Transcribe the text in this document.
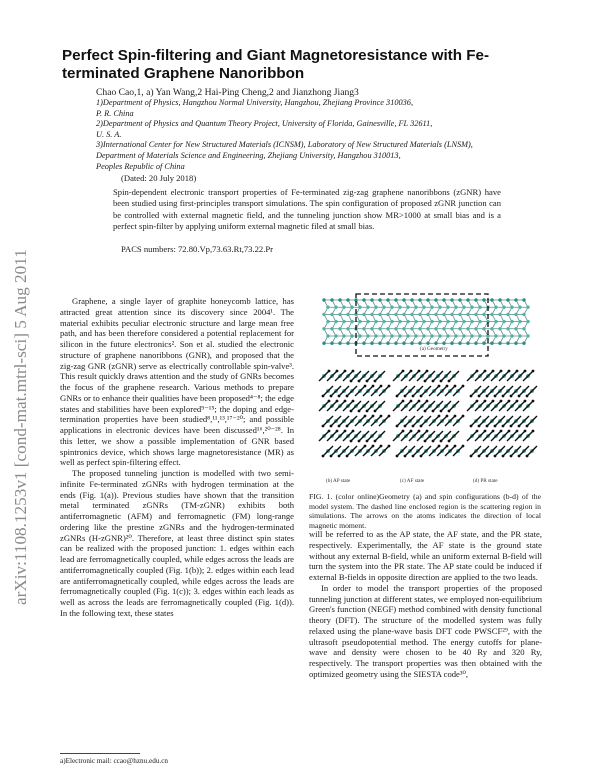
arXiv:1108.1253v1 [cond-mat.mtrl-sci] 5 Aug 2011
Perfect Spin-filtering and Giant Magnetoresistance with Fe-terminated Graphene Nanoribbon
Chao Cao,1, a) Yan Wang,2 Hai-Ping Cheng,2 and Jianzhong Jiang3
1)Department of Physics, Hangzhou Normal University, Hangzhou, Zhejiang Province 310036,
P. R. China
2)Department of Physics and Quantum Theory Project, University of Florida, Gainesville, FL 32611,
U. S. A.
3)International Center for New Structured Materials (ICNSM), Laboratory of New Structured Materials (LNSM),
Department of Materials Science and Engineering, Zhejiang University, Hangzhou 310013,
Peoples Republic of China
(Dated: 20 July 2018)
Spin-dependent electronic transport properties of Fe-terminated zig-zag graphene nanoribbons (zGNR) have been studied using first-principles transport simulations. The spin configuration of proposed zGNR junction can be controlled with external magnetic field, and the tunneling junction show MR>1000 at small bias and is a perfect spin-filter by applying uniform external magnetic filed at small bias.
PACS numbers: 72.80.Vp,73.63.Rt,73.22.Pr

Graphene, a single layer of graphite honeycomb lattice, has attracted great attention since its discovery since 2004¹. The material exhibits peculiar electronic structure and large mean free path, and has been therefore considered a potential replacement for silicon in the future electronics². Son et al. studied the electronic structure of graphene nanoribbons (GNR), and proposed that the zig-zag GNR (zGNR) serve as electrically controllable spin-valve³. This result quickly draws attention and the study of GNRs becomes the focus of the graphene research. Various methods to prepare GNRs or to enhance their qualities have been proposed⁴⁻⁸; the edge states and stabilities have been explored⁹⁻¹⁵; the doping and edge-termination properties have been studied⁸,¹¹,¹³,¹⁷⁻²⁰; and possible applications in electronic devices have been discussed¹⁶,²⁰⁻²⁸. In this letter, we show a possible implementation of GNR based spintronics device, which shows large magnetoresistance (MR) as well as perfect spin-filtering effect.

The proposed tunneling junction is modelled with two semi-infinite Fe-terminated zGNRs with hydrogen termination at the ends (Fig. 1(a)). Previous studies have shown that the transition metal terminated zGNRs (TM-zGNR) exhibits both antiferromagnetic (AFM) and ferromagnetic (FM) long-range ordering like the prestine zGNRs and the hydrogen-terminated zGNRs (H-zGNR)²⁰. Therefore, at least three distinct spin states can be realized with the proposed junction: 1. edges within each lead are ferromagnetically coupled, while edges across the leads are antiferromagnetically coupled (Fig. 1(b)); 2. edges within each lead are antiferromagnetically coupled, while edges across the leads are ferromagnetically coupled (Fig. 1(c)); 3. edges within each leads as well as across the leads are ferromagnetically coupled (Fig. 1(d)). In the following text, these states

(a) Geometry
(b) AP state	(c) AF state	(d) PR state
FIG. 1. (color online)Geometry (a) and spin configurations (b-d) of the model system. The dashed line enclosed region is the scattering region in simulations. The arrows on the atoms indicates the direction of local magnetic moment.

will be referred to as the AP state, the AF state, and the PR state, respectively. Experimentally, the AF state is the ground state without any external B-field, while an uniform external B-field will turn the system into the PR state. The AP state could be induced if external B-fields in opposite direction are applied to the two leads.

In order to model the transport properties of the proposed tunneling junction at different states, we employed non-equilibrium Green's function (NEGF) method combined with density functional theory (DFT). The structure of the modelled system was fully relaxed using the plane-wave basis DFT code PWSCF²⁹, with the ultrasoft pseudopotential method. The energy cutoffs for plane-wave and density were chosen to be 40 Ry and 320 Ry, respectively. The transport properties was then obtained with the optimized geometry using the SIESTA code³⁰,

a)Electronic mail: ccao@hznu.edu.cn
